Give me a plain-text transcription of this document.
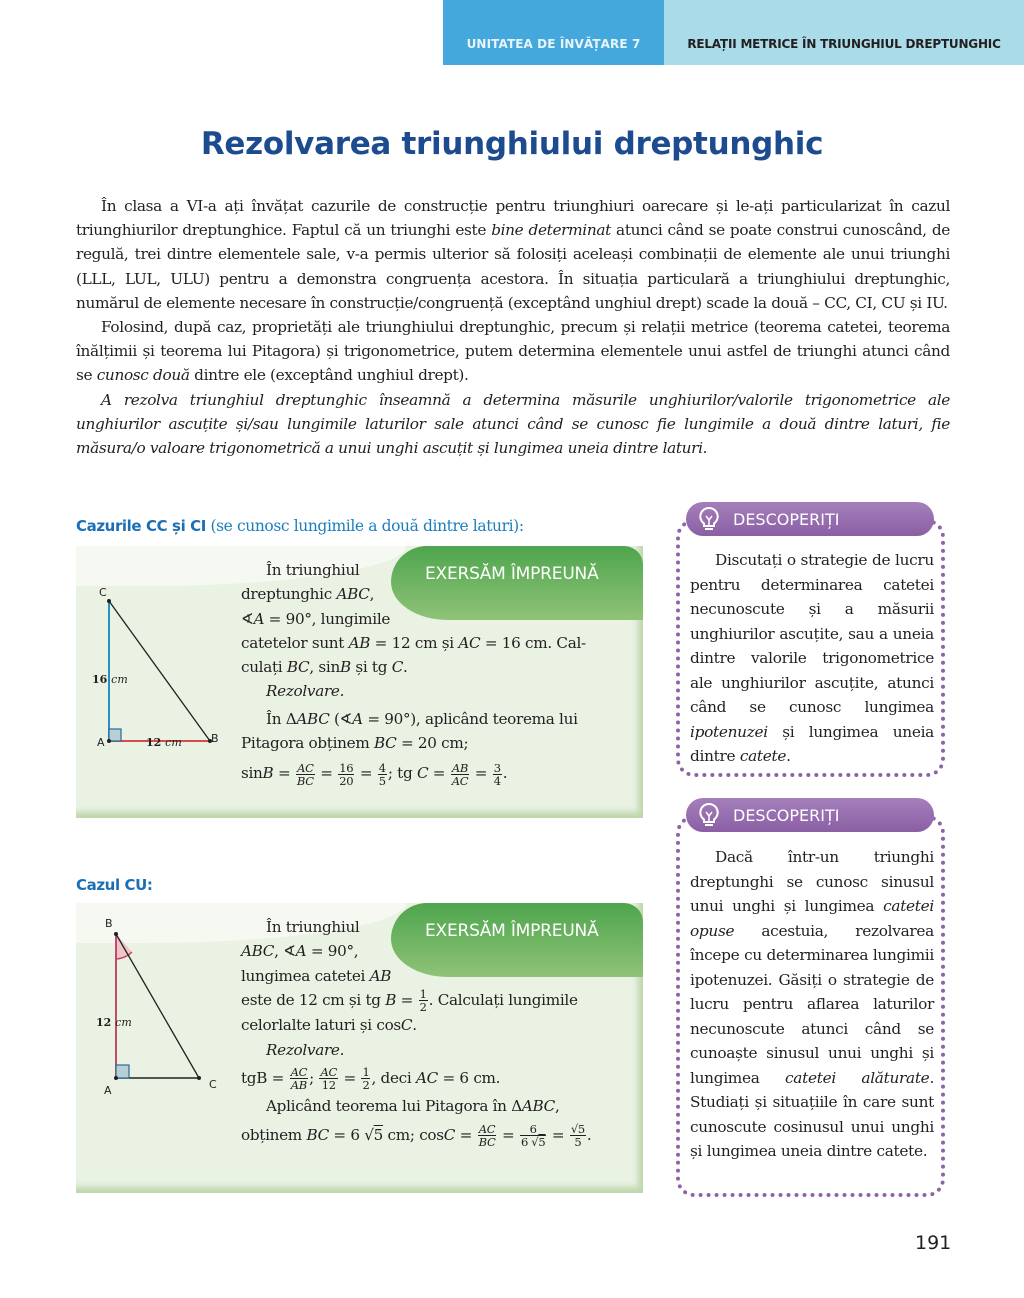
UNITATEA DE ÎNVĂȚARE 7	RELAȚII METRICE ÎN TRIUNGHIUL DREPTUNGHIC
Rezolvarea triunghiului dreptunghic

În clasa a VI-a ați învățat cazurile de construcție pentru triunghiuri oarecare și le-ați particularizat în cazul triunghiurilor dreptunghice. Faptul că un triunghi este bine determinat atunci când se poate construi cunoscând, de regulă, trei dintre elementele sale, v-a permis ulterior să folosiți aceleași combinații de elemente ale unui triunghi (LLL, LUL, ULU) pentru a demonstra congruența acestora. În situația particulară a triunghiului dreptunghic, numărul de elemente necesare în construcție/congruență (exceptând unghiul drept) scade la două – CC, CI, CU și IU.

Folosind, după caz, proprietăți ale triunghiului dreptunghic, precum și relații metrice (teorema catetei, teorema înălțimii și teorema lui Pitagora) și trigonometrice, putem determina elementele unui astfel de triunghi atunci când se cunosc două dintre ele (exceptând unghiul drept).

A rezolva triunghiul dreptunghic înseamnă a determina măsurile unghiurilor/valorile trigonometrice ale unghiurilor ascuțite și/sau lungimile laturilor sale atunci când se cunosc fie lungimile a două dintre laturi, fie măsura/o valoare trigonometrică a unui unghi ascuțit și lungimea uneia dintre laturi.

Cazurile CC și CI (se cunosc lungimile a două dintre laturi):
EXERSĂM ÎMPREUNĂ
C
A	B
16 cm
12 cm
În triunghiul
dreptunghic ABC,
∢A = 90°, lungimile
catetelor sunt AB = 12 cm și AC = 16 cm. Cal-
culați BC, sinB și tg C.
Rezolvare.
În ΔABC (∢A = 90°), aplicând teorema lui
Pitagora obținem BC = 20 cm;
$\sin B = \frac{AC}{BC} = \frac{16}{20} = \frac{4}{5}$ ; tg $C = \frac{AB}{AC} = \frac{3}{4}$ .
Cazul CU:
EXERSĂM ÎMPREUNĂ
B
A	C
12 cm
În triunghiul
ABC, ∢A = 90°,
lungimea catetei AB
este de 12 cm și tg $B = \frac{1}{2}$ . Calculați lungimile
celorlalte laturi și cosC.
Rezolvare.
tgB = $\frac{AC}{AB}$ ; $\frac{AC}{12} = \frac{1}{2}$ , deci AC = 6 cm.
Aplicând teorema lui Pitagora în ΔABC,
obținem BC = 6 √5 cm; $\cos C = \frac{AC}{BC} = \frac{6}{6 √5} = \frac{√5}{5}$ .
DESCOPERIȚI

Discutați o strategie de lucru pentru determinarea catetei necunoscute și a măsurii unghiurilor ascuțite, sau a uneia dintre valorile trigonometrice ale unghiurilor ascuțite, atunci când se cunosc lungimea ipotenuzei și lungimea uneia dintre catete.

DESCOPERIȚI

Dacă într-un triunghi dreptunghi se cunosc sinusul unui unghi și lungimea catetei opuse acestuia, rezolvarea începe cu determinarea lungimii ipotenuzei. Găsiți o strategie de lucru pentru aflarea laturilor necunoscute atunci când se cunoaște sinusul unui unghi și lungimea catetei alăturate. Studiați și situațiile în care sunt cunoscute cosinusul unui unghi și lungimea uneia dintre catete.

191
